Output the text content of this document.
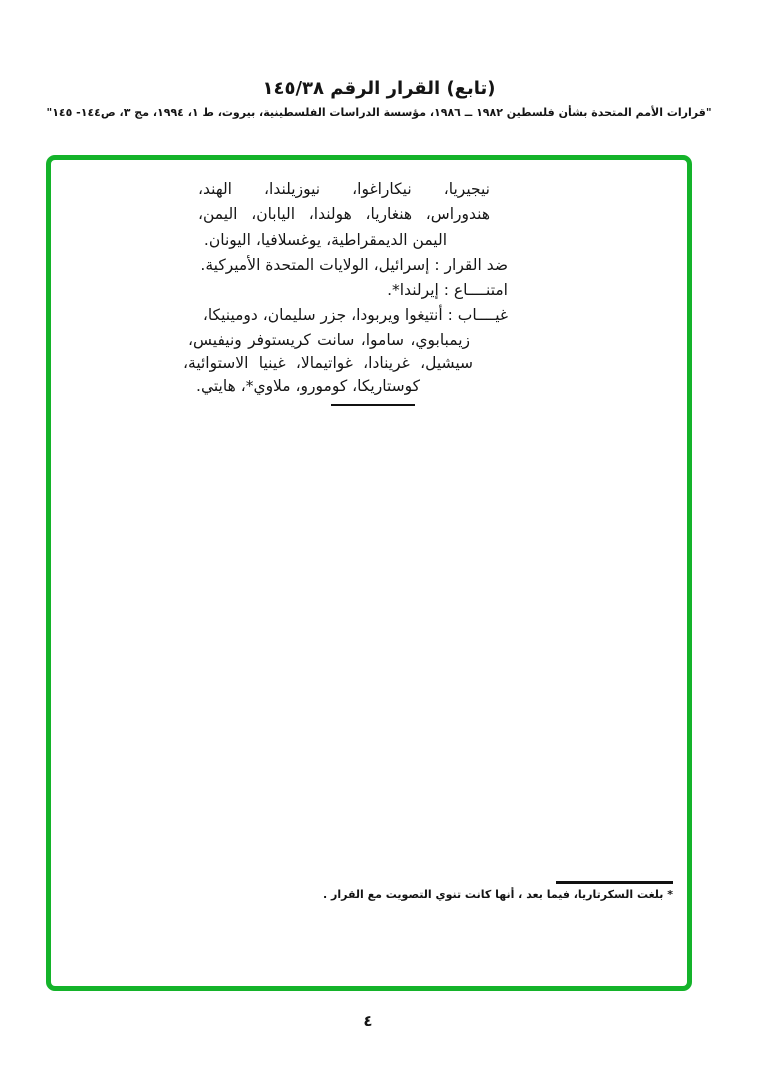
(تابع) القرار الرقم ١٤٥/٣٨
"قرارات الأمم المتحدة بشأن فلسطين ١٩٨٢ ــ ١٩٨٦، مؤسسة الدراسات الفلسطينية، بيروت، ط ١، ١٩٩٤، مج ٣، ص١٤٤- ١٤٥"
نيجيريا، نيكاراغوا، نيوزيلندا، الهند،
هندوراس، هنغاريا، هولندا، اليابان، اليمن،
اليمن الديمقراطية، يوغسلافيا، اليونان.
ضد القرار : إسرائيل، الولايات المتحدة الأميركية.
امتنــــاع : إيرلندا*.
غيــــاب : أنتيغوا ويربودا، جزر سليمان، دومينيكا،
زيمبابوي، ساموا، سانت كريستوفر ونيفيس،
سيشيل، غرينادا، غواتيمالا، غينيا الاستوائية،
كوستاريكا، كومورو، ملاوي*، هايتي.
* بلغت السكرتاريا، فيما بعد ، أنها كانت تنوي التصويت مع القرار .
٤
